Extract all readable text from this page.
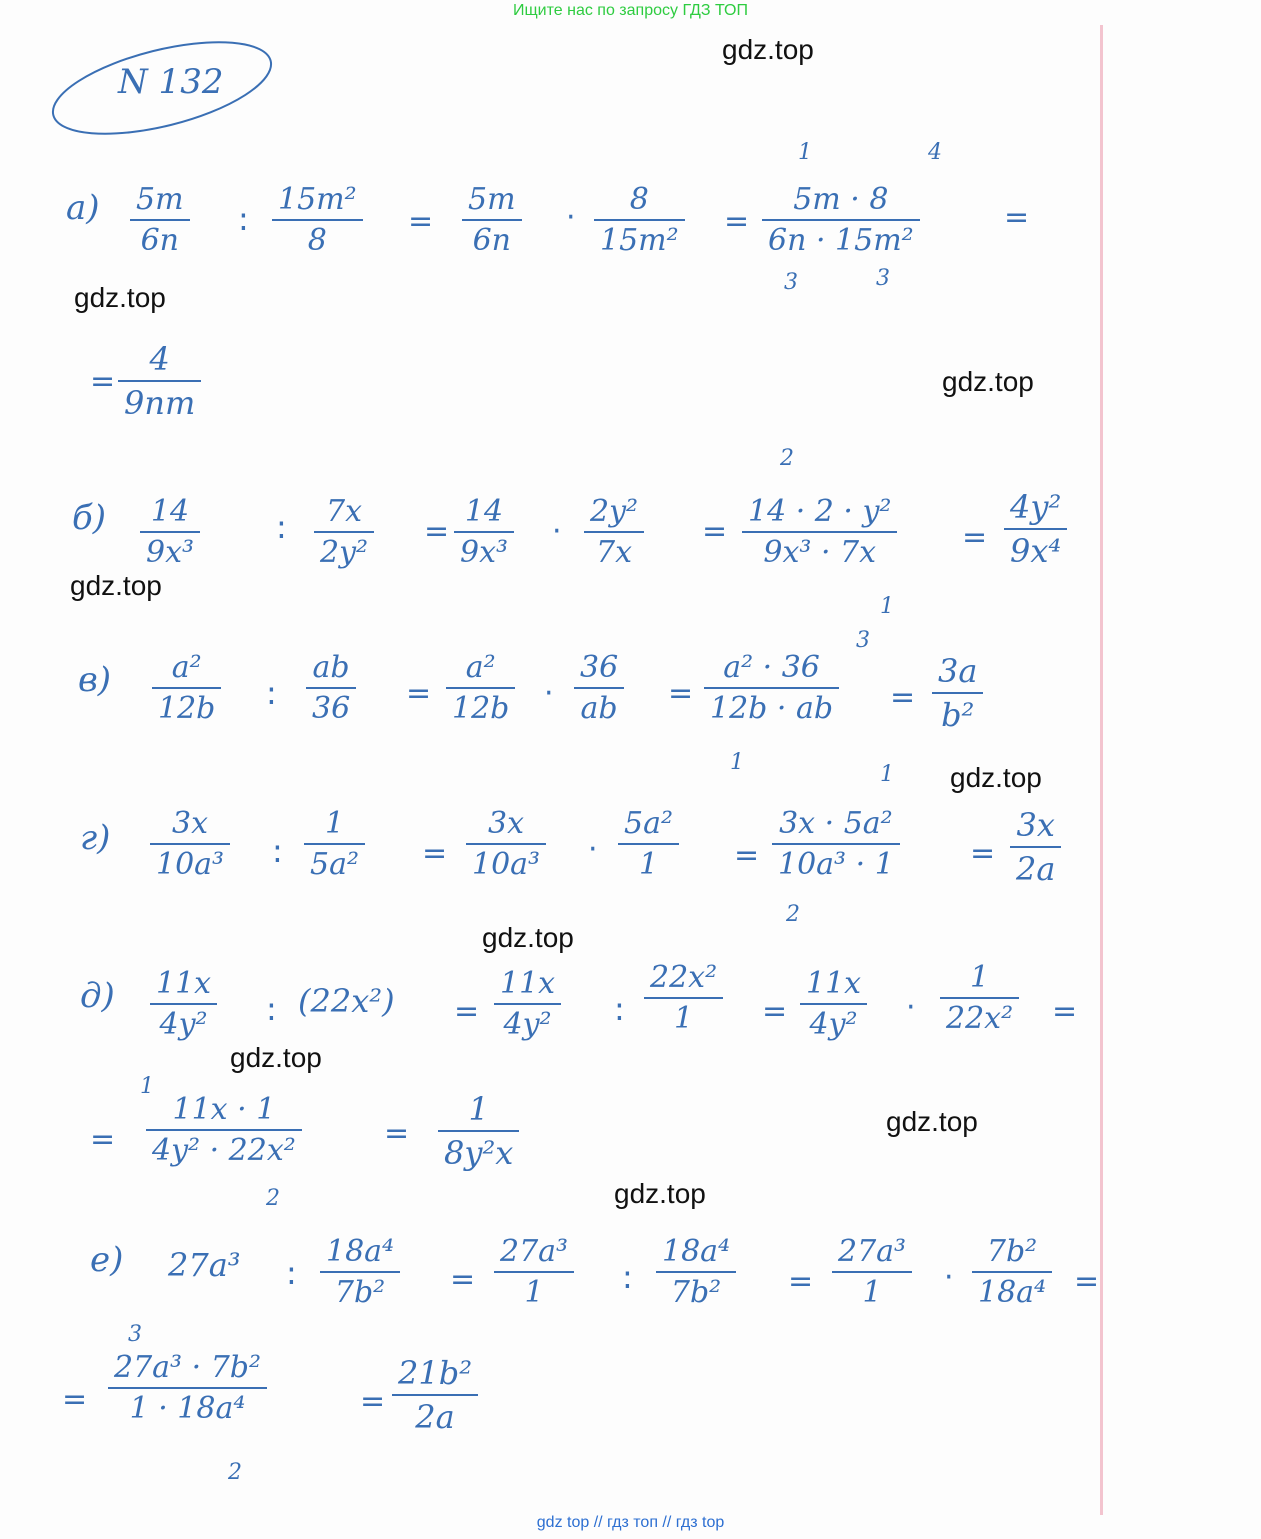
Ищите нас по запросу ГДЗ ТОП
N 132
gdz.top
gdz.top
gdz.top
gdz.top
gdz.top
gdz.top
gdz.top
gdz.top
gdz.top
$a) \frac{5m}{6n}$ : $\frac{\text{15m²}}{8} = \frac{5m}{6n} \cdot \frac{8}{\text{15m²}}$ =
1	4
$\frac{5m \cdot 8}{\text{6n · 15m²}}$
3	3
=
= $\frac{4}{9nm}$
$б) \frac{14}{\text{9x³}}$ : $\frac{7x}{\text{2y²}} = \frac{14}{\text{9x³}} \cdot \frac{\text{2y²}}{7x}$ =
2
$\frac{\text{14 · 2 · y²}}{\text{9x³ · 7x}} = \frac{\text{4y²}}{\text{9x⁴}}$
$в) \frac{\text{a²}}{12b}$ : $\frac{ab}{36} = \frac{\text{a²}}{12b} \cdot \frac{36}{ab}$ =
1
3
$\frac{\text{a² · 36}}{12b \cdot ab}$
1
= $\frac{3a}{\text{b²}}$
$г) \frac{3x}{\text{10a³}}$ : $\frac{1}{\text{5a²}} = \frac{3x}{\text{10a³}} \cdot \frac{\text{5a²}}{1}$ =
1
$\frac{\text{3x · 5a²}}{\text{10a³ · 1}}$
2
= $\frac{3x}{2a}$
$д) \frac{11x}{\text{4y²}}$ : $(22x^2) = \frac{11x}{\text{4y²}}$ : $\frac{\text{22x²}}{1} = \frac{11x}{\text{4y²}} \cdot \frac{1}{\text{22x²}}$ =
1
= $\frac{11x \cdot 1}{\text{4y² · 22x²}}$
2
= $\frac{1}{\text{8y²x}}$
е) 27a³ : $\frac{\text{18a⁴}}{\text{7b²}} = \frac{\text{27a³}}{1}$ : $\frac{\text{18a⁴}}{\text{7b²}} = \frac{\text{27a³}}{1} \cdot \frac{\text{7b²}}{\text{18a⁴}}$ =
3
= $\frac{\text{27a³ · 7b²}}{\text{1 · 18a⁴}}$
2
= $\frac{\text{21b²}}{2a}$
gdz top // гдз топ // гдз top
